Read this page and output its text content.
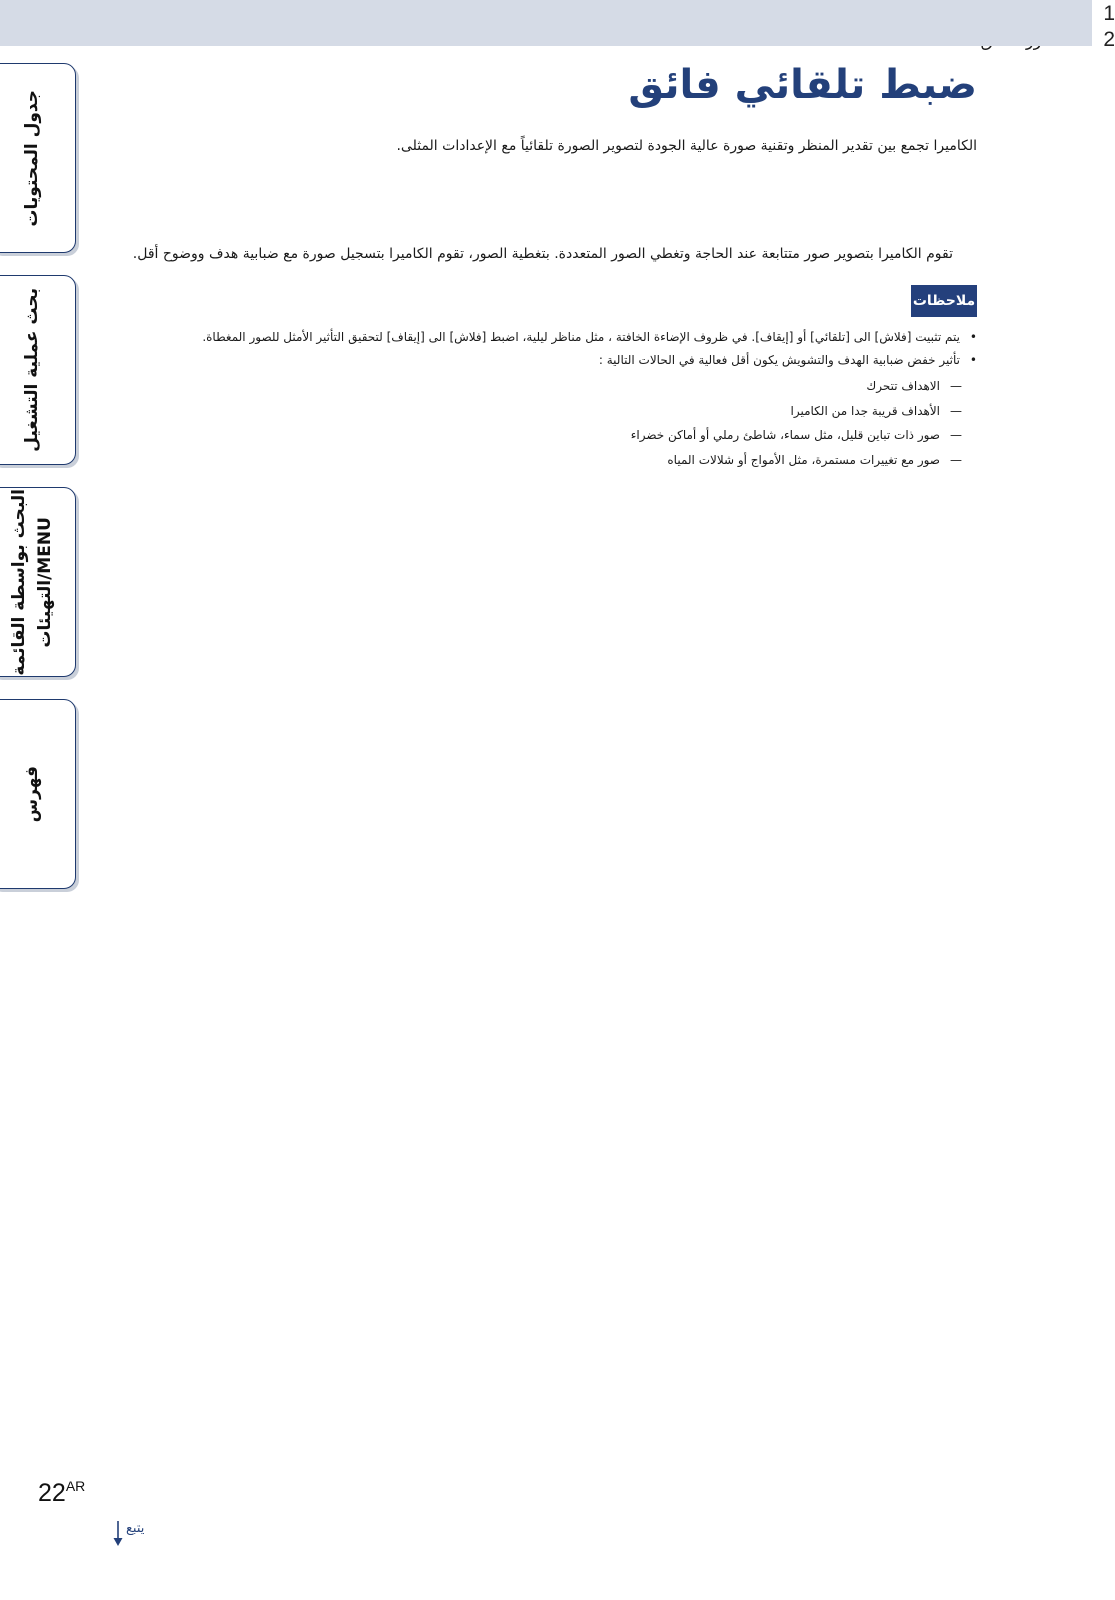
جدول المحتويات
بحث عملية التشغيل
البحث بواسطة القائمة
MENU/التهيئات
فهرس
ضبط تلقائي فائق
الكاميرا تجمع بين تقدير المنظر وتقنية صورة عالية الجودة لتصوير الصورة تلقائياً مع الإعدادات المثلى.
1
2
تقوم الكاميرا بتصوير صور متتابعة عند الحاجة وتغطي الصور المتعددة. بتغطية الصور، تقوم الكاميرا بتسجيل صورة مع ضبابية هدف ووضوح أقل.
ملاحظات
•
يتم تثبيت [فلاش] الى [تلقائي] أو [إيقاف]. في ظروف الإضاءة الخافتة ، مثل مناظر ليلية، اضبط [فلاش] الى [إيقاف] لتحقيق التأثير الأمثل للصور المغطاة.
•
تأثير خفض ضبابية الهدف والتشويش يكون أقل فعالية في الحالات التالية :
—
الاهداف تتحرك
—
الأهداف قريبة جدا من الكاميرا
—
صور ذات تباين قليل، مثل سماء، شاطئ رملي أو أماكن خضراء
—
صور مع تغييرات مستمرة، مثل الأمواج أو شلالات المياه
$22^{AR}$
يتبع
